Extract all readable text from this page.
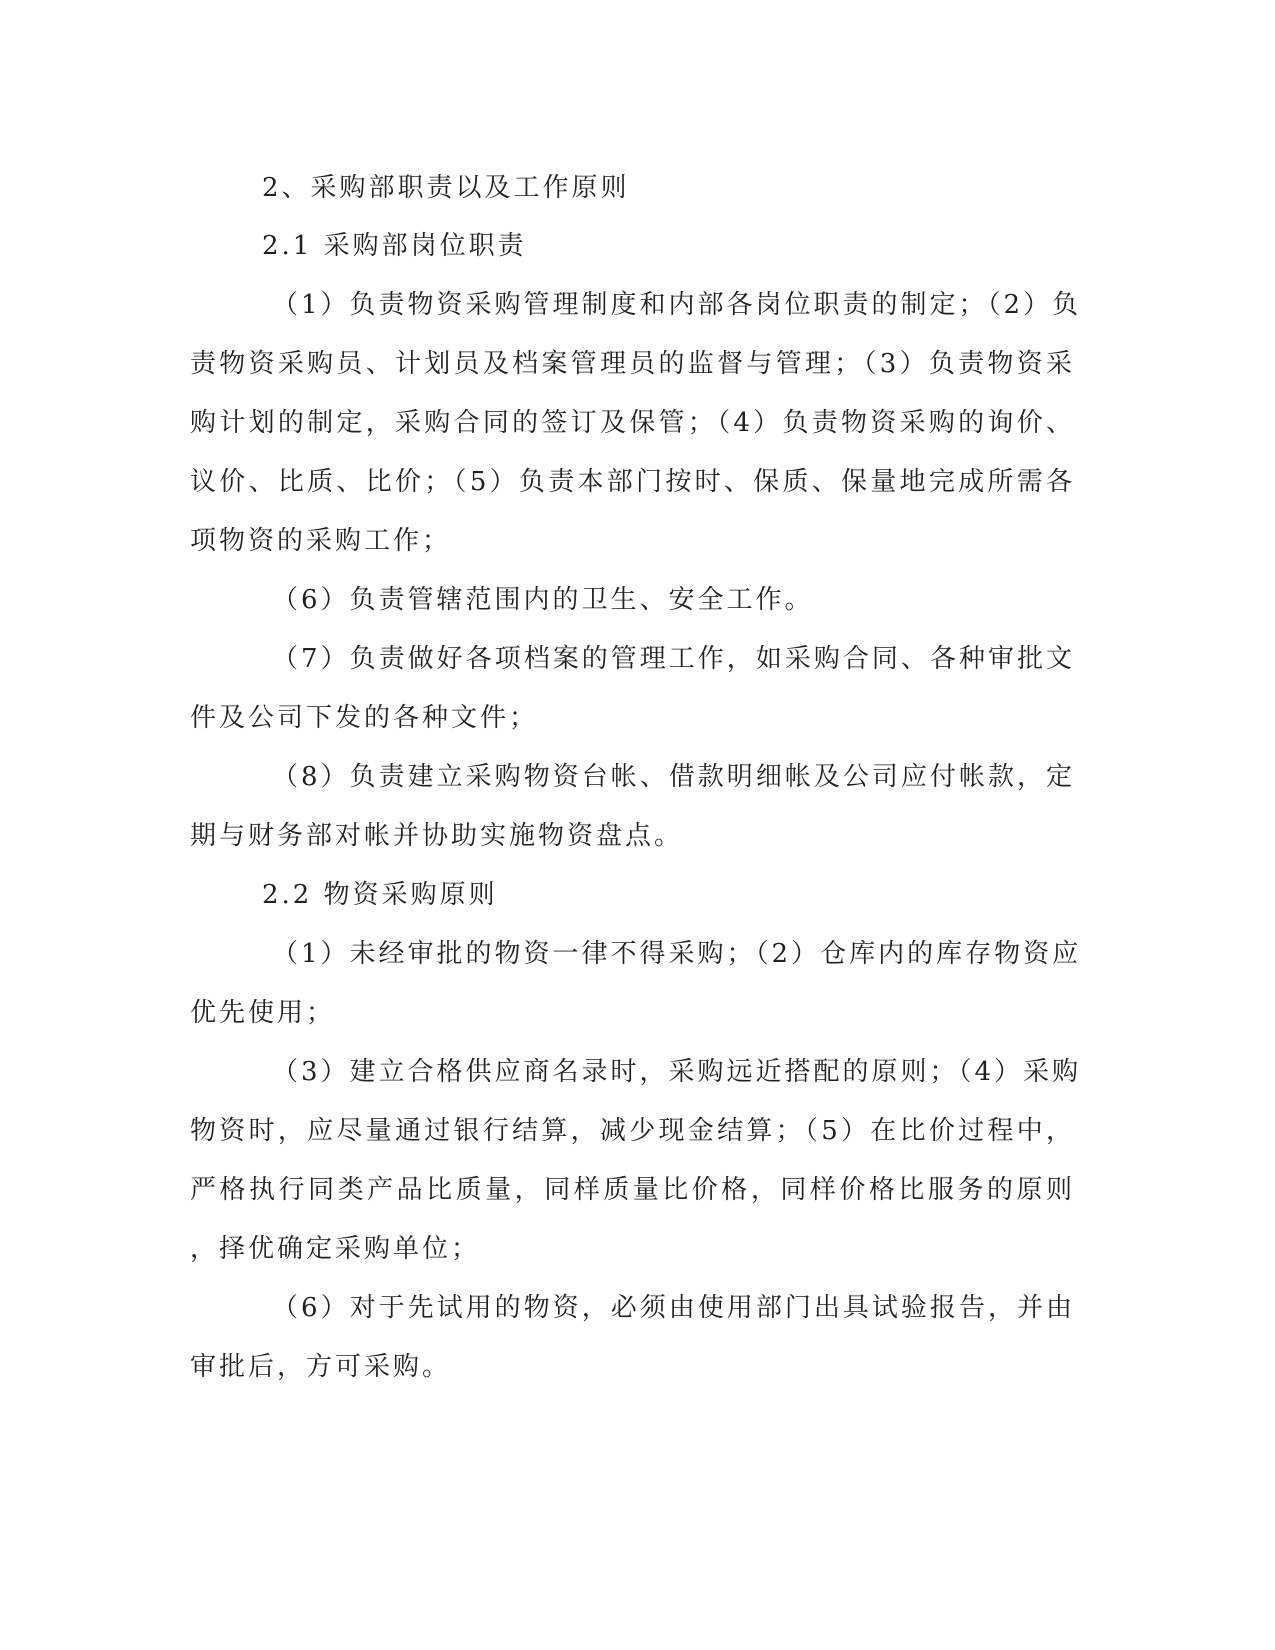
2、采购部职责以及工作原则
2.1 采购部岗位职责
（1）负责物资采购管理制度和内部各岗位职责的制定；（2）负
责物资采购员、计划员及档案管理员的监督与管理；（3）负责物资采
购计划的制定，采购合同的签订及保管；（4）负责物资采购的询价、
议价、比质、比价；（5）负责本部门按时、保质、保量地完成所需各
项物资的采购工作；
（6）负责管辖范围内的卫生、安全工作。
（7）负责做好各项档案的管理工作，如采购合同、各种审批文
件及公司下发的各种文件；
（8）负责建立采购物资台帐、借款明细帐及公司应付帐款，定
期与财务部对帐并协助实施物资盘点。
2.2 物资采购原则
（1）未经审批的物资一律不得采购；（2）仓库内的库存物资应
优先使用；
（3）建立合格供应商名录时，采购远近搭配的原则；（4）采购
物资时，应尽量通过银行结算，减少现金结算；（5）在比价过程中，
严格执行同类产品比质量，同样质量比价格，同样价格比服务的原则
，择优确定采购单位；
（6）对于先试用的物资，必须由使用部门出具试验报告，并由
审批后，方可采购。
